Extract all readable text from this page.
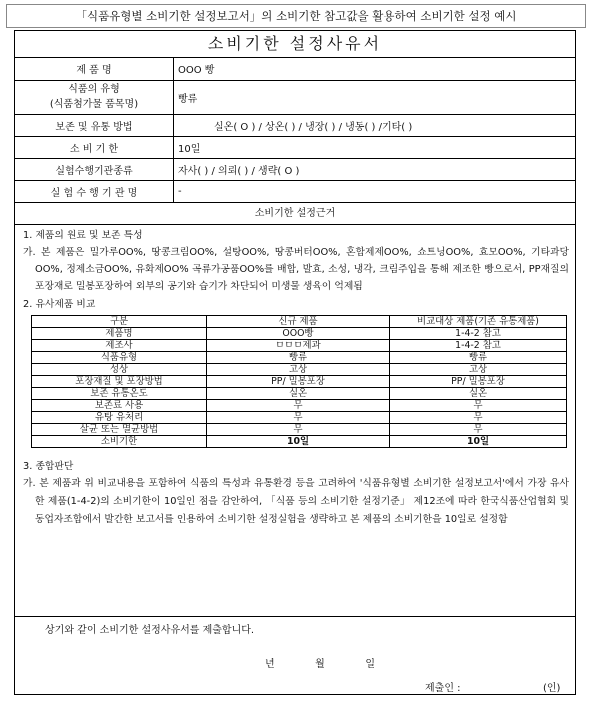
「식품유형별 소비기한 설정보고서」의 소비기한 참고값을 활용하여 소비기한 설정 예시
소비기한 설정사유서
제 품 명	OOO 빵
식품의 유형
(식품첨가물 품목명)	빵류
보존 및 유통 방법	실온( O ) / 상온( ) / 냉장( ) / 냉동( ) /기타( )
소 비 기 한	10일
실험수행기관종류	자사( ) / 의뢰( ) / 생략( O )
실 험 수 행 기 관 명	-
소비기한 설정근거

1. 제품의 원료 및 보존 특성

가. 본 제품은 밀가루OO%, 땅콩크림OO%, 설탕OO%, 땅콩버터OO%, 혼합제제OO%, 쇼트닝OO%, 효모OO%, 기타과당OO%, 정제소금OO%, 유화제OO% 곡류가공품OO%를 배합, 발효, 소성, 냉각, 크림주입을 통해 제조한 빵으로서, PP재질의 포장재로 밀봉포장하여 외부의 공기와 습기가 차단되어 미생물 생육이 억제됨

2. 유사제품 비교

구분	신규 제품	비교대상 제품(기존 유통제품)
제품명	OOO빵	1-4-2 참고
제조사	ㅁㅁㅁ제과	1-4-2 참고
식품유형	빵류	빵류
성상	고상	고상
포장재질 및 포장방법	PP/ 밀봉포장	PP/ 밀봉포장
보존 유통온도	실온	실온
보존료 사용	무	무
유탕 유처리	무	무
살균 또는 멸균방법	무	무
소비기한	10일	10일

3. 종합판단

가. 본 제품과 위 비교내용을 포함하여 식품의 특성과 유통환경 등을 고려하여 '식품유형별 소비기한 설정보고서'에서 가장 유사한 제품(1-4-2)의 소비기한이 10일인 점을 감안하여, 「식품 등의 소비기한 설정기준」 제12조에 따라 한국식품산업협회 및 동업자조합에서 발간한 보고서를 인용하여 소비기한 설정실험을 생략하고 본 제품의 소비기한을 10일로 설정함

상기와 같이 소비기한 설정사유서를 제출합니다.
년	월	일
제출인 :	(인)
